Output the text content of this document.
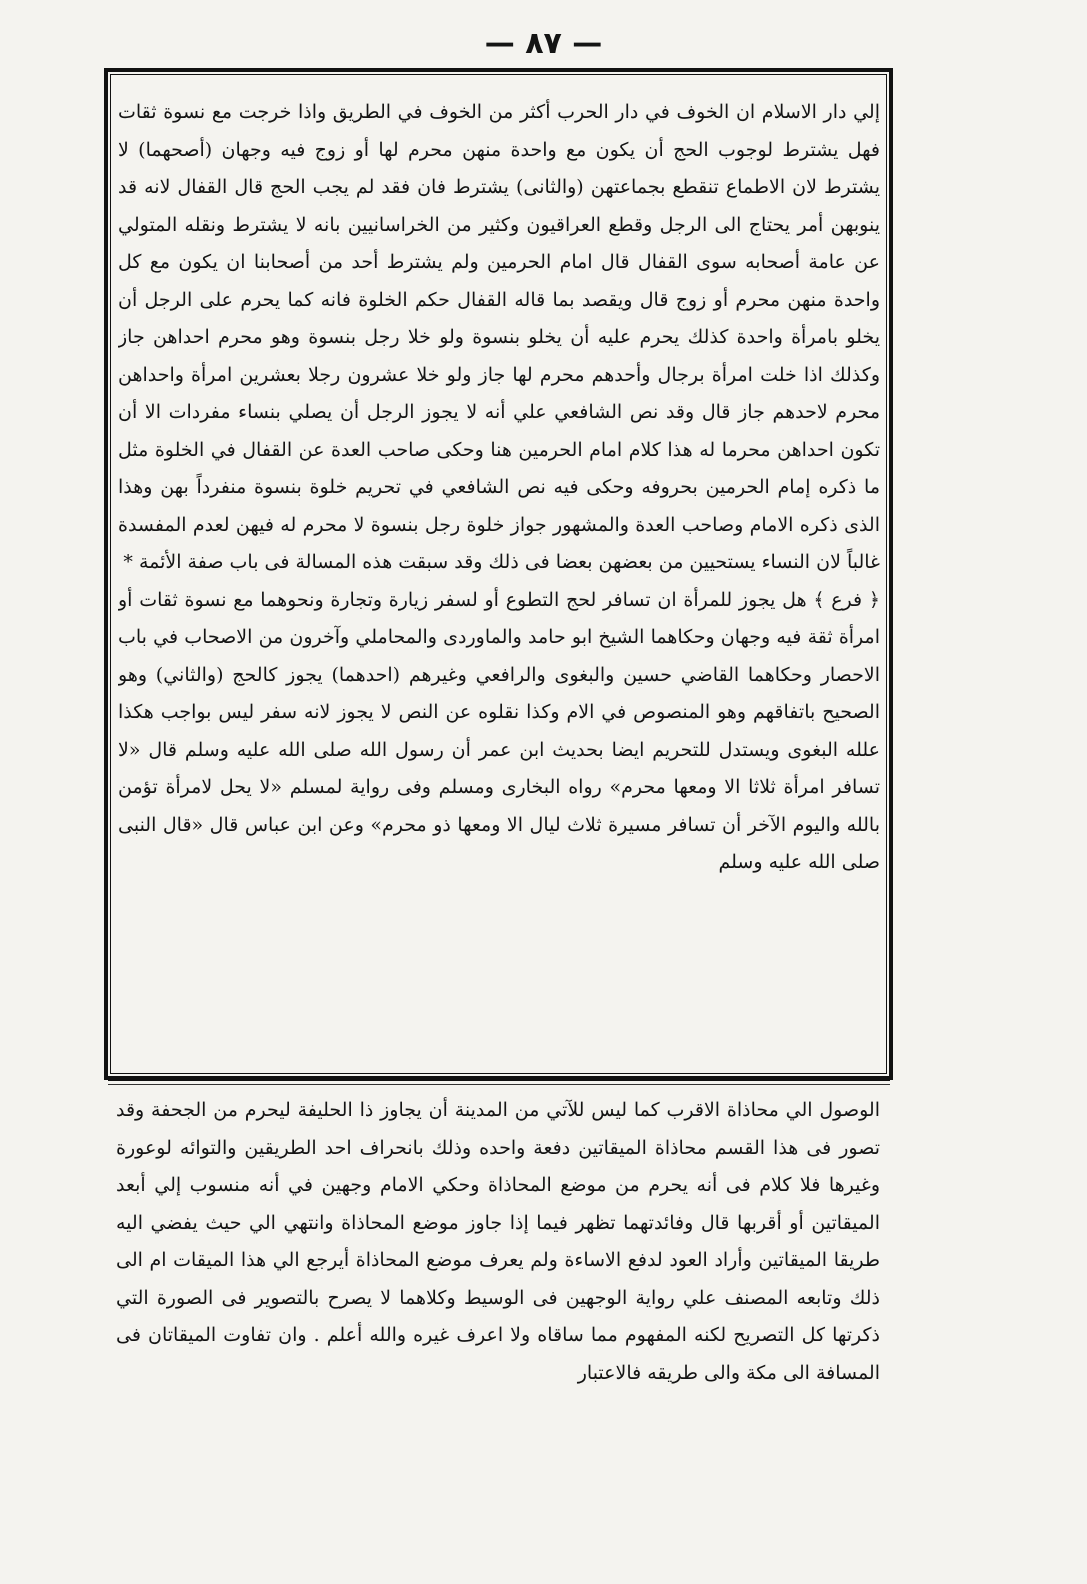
— ٨٧ —

إلي دار الاسلام ان الخوف في دار الحرب أكثر من الخوف في الطريق واذا خرجت مع نسوة ثقات فهل يشترط لوجوب الحج أن يكون مع واحدة منهن محرم لها أو زوج فيه وجهان (أصحهما) لا يشترط لان الاطماع تنقطع بجماعتهن (والثانى) يشترط فان فقد لم يجب الحج قال القفال لانه قد ينوبهن أمر يحتاج الى الرجل وقطع العراقيون وكثير من الخراسانيين بانه لا يشترط ونقله المتولي عن عامة أصحابه سوى القفال قال امام الحرمين ولم يشترط أحد من أصحابنا ان يكون مع كل واحدة منهن محرم أو زوج قال ويقصد بما قاله القفال حكم الخلوة فانه كما يحرم على الرجل أن يخلو بامرأة واحدة كذلك يحرم عليه أن يخلو بنسوة ولو خلا رجل بنسوة وهو محرم احداهن جاز وكذلك اذا خلت امرأة برجال وأحدهم محرم لها جاز ولو خلا عشرون رجلا بعشرين امرأة واحداهن محرم لاحدهم جاز قال وقد نص الشافعي علي أنه لا يجوز الرجل أن يصلي بنساء مفردات الا أن تكون احداهن محرما له هذا كلام امام الحرمين هنا وحكى صاحب العدة عن القفال في الخلوة مثل ما ذكره إمام الحرمين بحروفه وحكى فيه نص الشافعي في تحريم خلوة بنسوة منفرداً بهن وهذا الذى ذكره الامام وصاحب العدة والمشهور جواز خلوة رجل بنسوة لا محرم له فيهن لعدم المفسدة غالباً لان النساء يستحيين من بعضهن بعضا فى ذلك وقد سبقت هذه المسالة فى باب صفة الأئمة *

﴿ فرع ﴾ هل يجوز للمرأة ان تسافر لحج التطوع أو لسفر زيارة وتجارة ونحوهما مع نسوة ثقات أو امرأة ثقة فيه وجهان وحكاهما الشيخ ابو حامد والماوردى والمحاملي وآخرون من الاصحاب في باب الاحصار وحكاهما القاضي حسين والبغوى والرافعي وغيرهم (احدهما) يجوز كالحج (والثاني) وهو الصحيح باتفاقهم وهو المنصوص في الام وكذا نقلوه عن النص لا يجوز لانه سفر ليس بواجب هكذا علله البغوى ويستدل للتحريم ايضا بحديث ابن عمر أن رسول الله صلى الله عليه وسلم قال «لا تسافر امرأة ثلاثا الا ومعها محرم» رواه البخارى ومسلم وفى رواية لمسلم «لا يحل لامرأة تؤمن بالله واليوم الآخر أن تسافر مسيرة ثلاث ليال الا ومعها ذو محرم» وعن ابن عباس قال «قال النبى صلى الله عليه وسلم

الوصول الي محاذاة الاقرب كما ليس للآتي من المدينة أن يجاوز ذا الحليفة ليحرم من الجحفة وقد تصور فى هذا القسم محاذاة الميقاتين دفعة واحده وذلك بانحراف احد الطريقين والتوائه لوعورة وغيرها فلا كلام فى أنه يحرم من موضع المحاذاة وحكي الامام وجهين في أنه منسوب إلي أبعد الميقاتين أو أقربها قال وفائدتهما تظهر فيما إذا جاوز موضع المحاذاة وانتهي الي حيث يفضي اليه طريقا الميقاتين وأراد العود لدفع الاساءة ولم يعرف موضع المحاذاة أيرجع الي هذا الميقات ام الى ذلك وتابعه المصنف علي رواية الوجهين فى الوسيط وكلاهما لا يصرح بالتصوير فى الصورة التي ذكرتها كل التصريح لكنه المفهوم مما ساقاه ولا اعرف غيره والله أعلم . وان تفاوت الميقاتان فى المسافة الى مكة والى طريقه فالاعتبار
